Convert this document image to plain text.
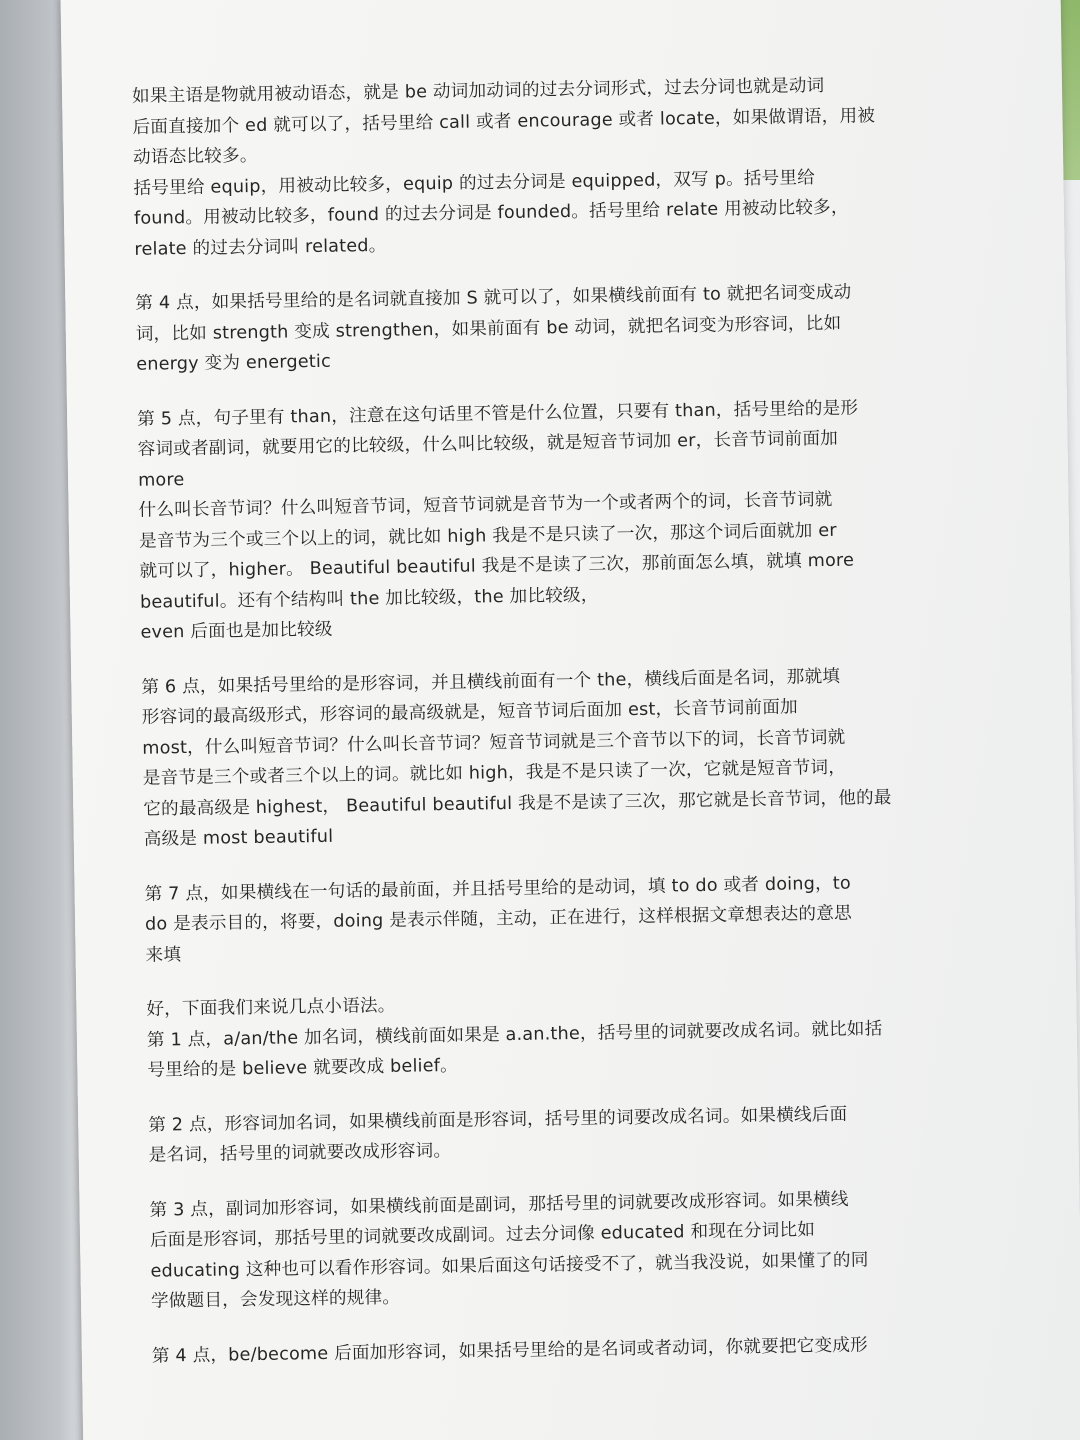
如果主语是物就用被动语态，就是 be 动词加动词的过去分词形式，过去分词也就是动词
后面直接加个 ed 就可以了，括号里给 call 或者 encourage 或者 locate，如果做谓语，用被
动语态比较多。
括号里给 equip，用被动比较多，equip 的过去分词是 equipped，双写 p。括号里给
found。用被动比较多，found 的过去分词是 founded。括号里给 relate 用被动比较多，
relate 的过去分词叫 related。
第 4 点，如果括号里给的是名词就直接加 S 就可以了，如果横线前面有 to 就把名词变成动
词，比如 strength 变成 strengthen，如果前面有 be 动词，就把名词变为形容词，比如
energy 变为 energetic
第 5 点，句子里有 than，注意在这句话里不管是什么位置，只要有 than，括号里给的是形
容词或者副词，就要用它的比较级，什么叫比较级，就是短音节词加 er，长音节词前面加
more
什么叫长音节词？什么叫短音节词，短音节词就是音节为一个或者两个的词，长音节词就
是音节为三个或三个以上的词，就比如 high 我是不是只读了一次，那这个词后面就加 er
就可以了，higher。 Beautiful beautiful 我是不是读了三次，那前面怎么填，就填 more
beautiful。还有个结构叫 the 加比较级，the 加比较级，
even 后面也是加比较级
第 6 点，如果括号里给的是形容词，并且横线前面有一个 the，横线后面是名词，那就填
形容词的最高级形式，形容词的最高级就是，短音节词后面加 est，长音节词前面加
most，什么叫短音节词？什么叫长音节词？短音节词就是三个音节以下的词，长音节词就
是音节是三个或者三个以上的词。就比如 high，我是不是只读了一次，它就是短音节词，
它的最高级是 highest， Beautiful beautiful 我是不是读了三次，那它就是长音节词，他的最
高级是 most beautiful
第 7 点，如果横线在一句话的最前面，并且括号里给的是动词，填 to do 或者 doing，to
do 是表示目的，将要，doing 是表示伴随，主动，正在进行，这样根据文章想表达的意思
来填
好，下面我们来说几点小语法。
第 1 点，a/an/the 加名词，横线前面如果是 a.an.the，括号里的词就要改成名词。就比如括
号里给的是 believe 就要改成 belief。
第 2 点，形容词加名词，如果横线前面是形容词，括号里的词要改成名词。如果横线后面
是名词，括号里的词就要改成形容词。
第 3 点，副词加形容词，如果横线前面是副词，那括号里的词就要改成形容词。如果横线
后面是形容词，那括号里的词就要改成副词。过去分词像 educated 和现在分词比如
educating 这种也可以看作形容词。如果后面这句话接受不了，就当我没说，如果懂了的同
学做题目，会发现这样的规律。
第 4 点，be/become 后面加形容词，如果括号里给的是名词或者动词，你就要把它变成形
